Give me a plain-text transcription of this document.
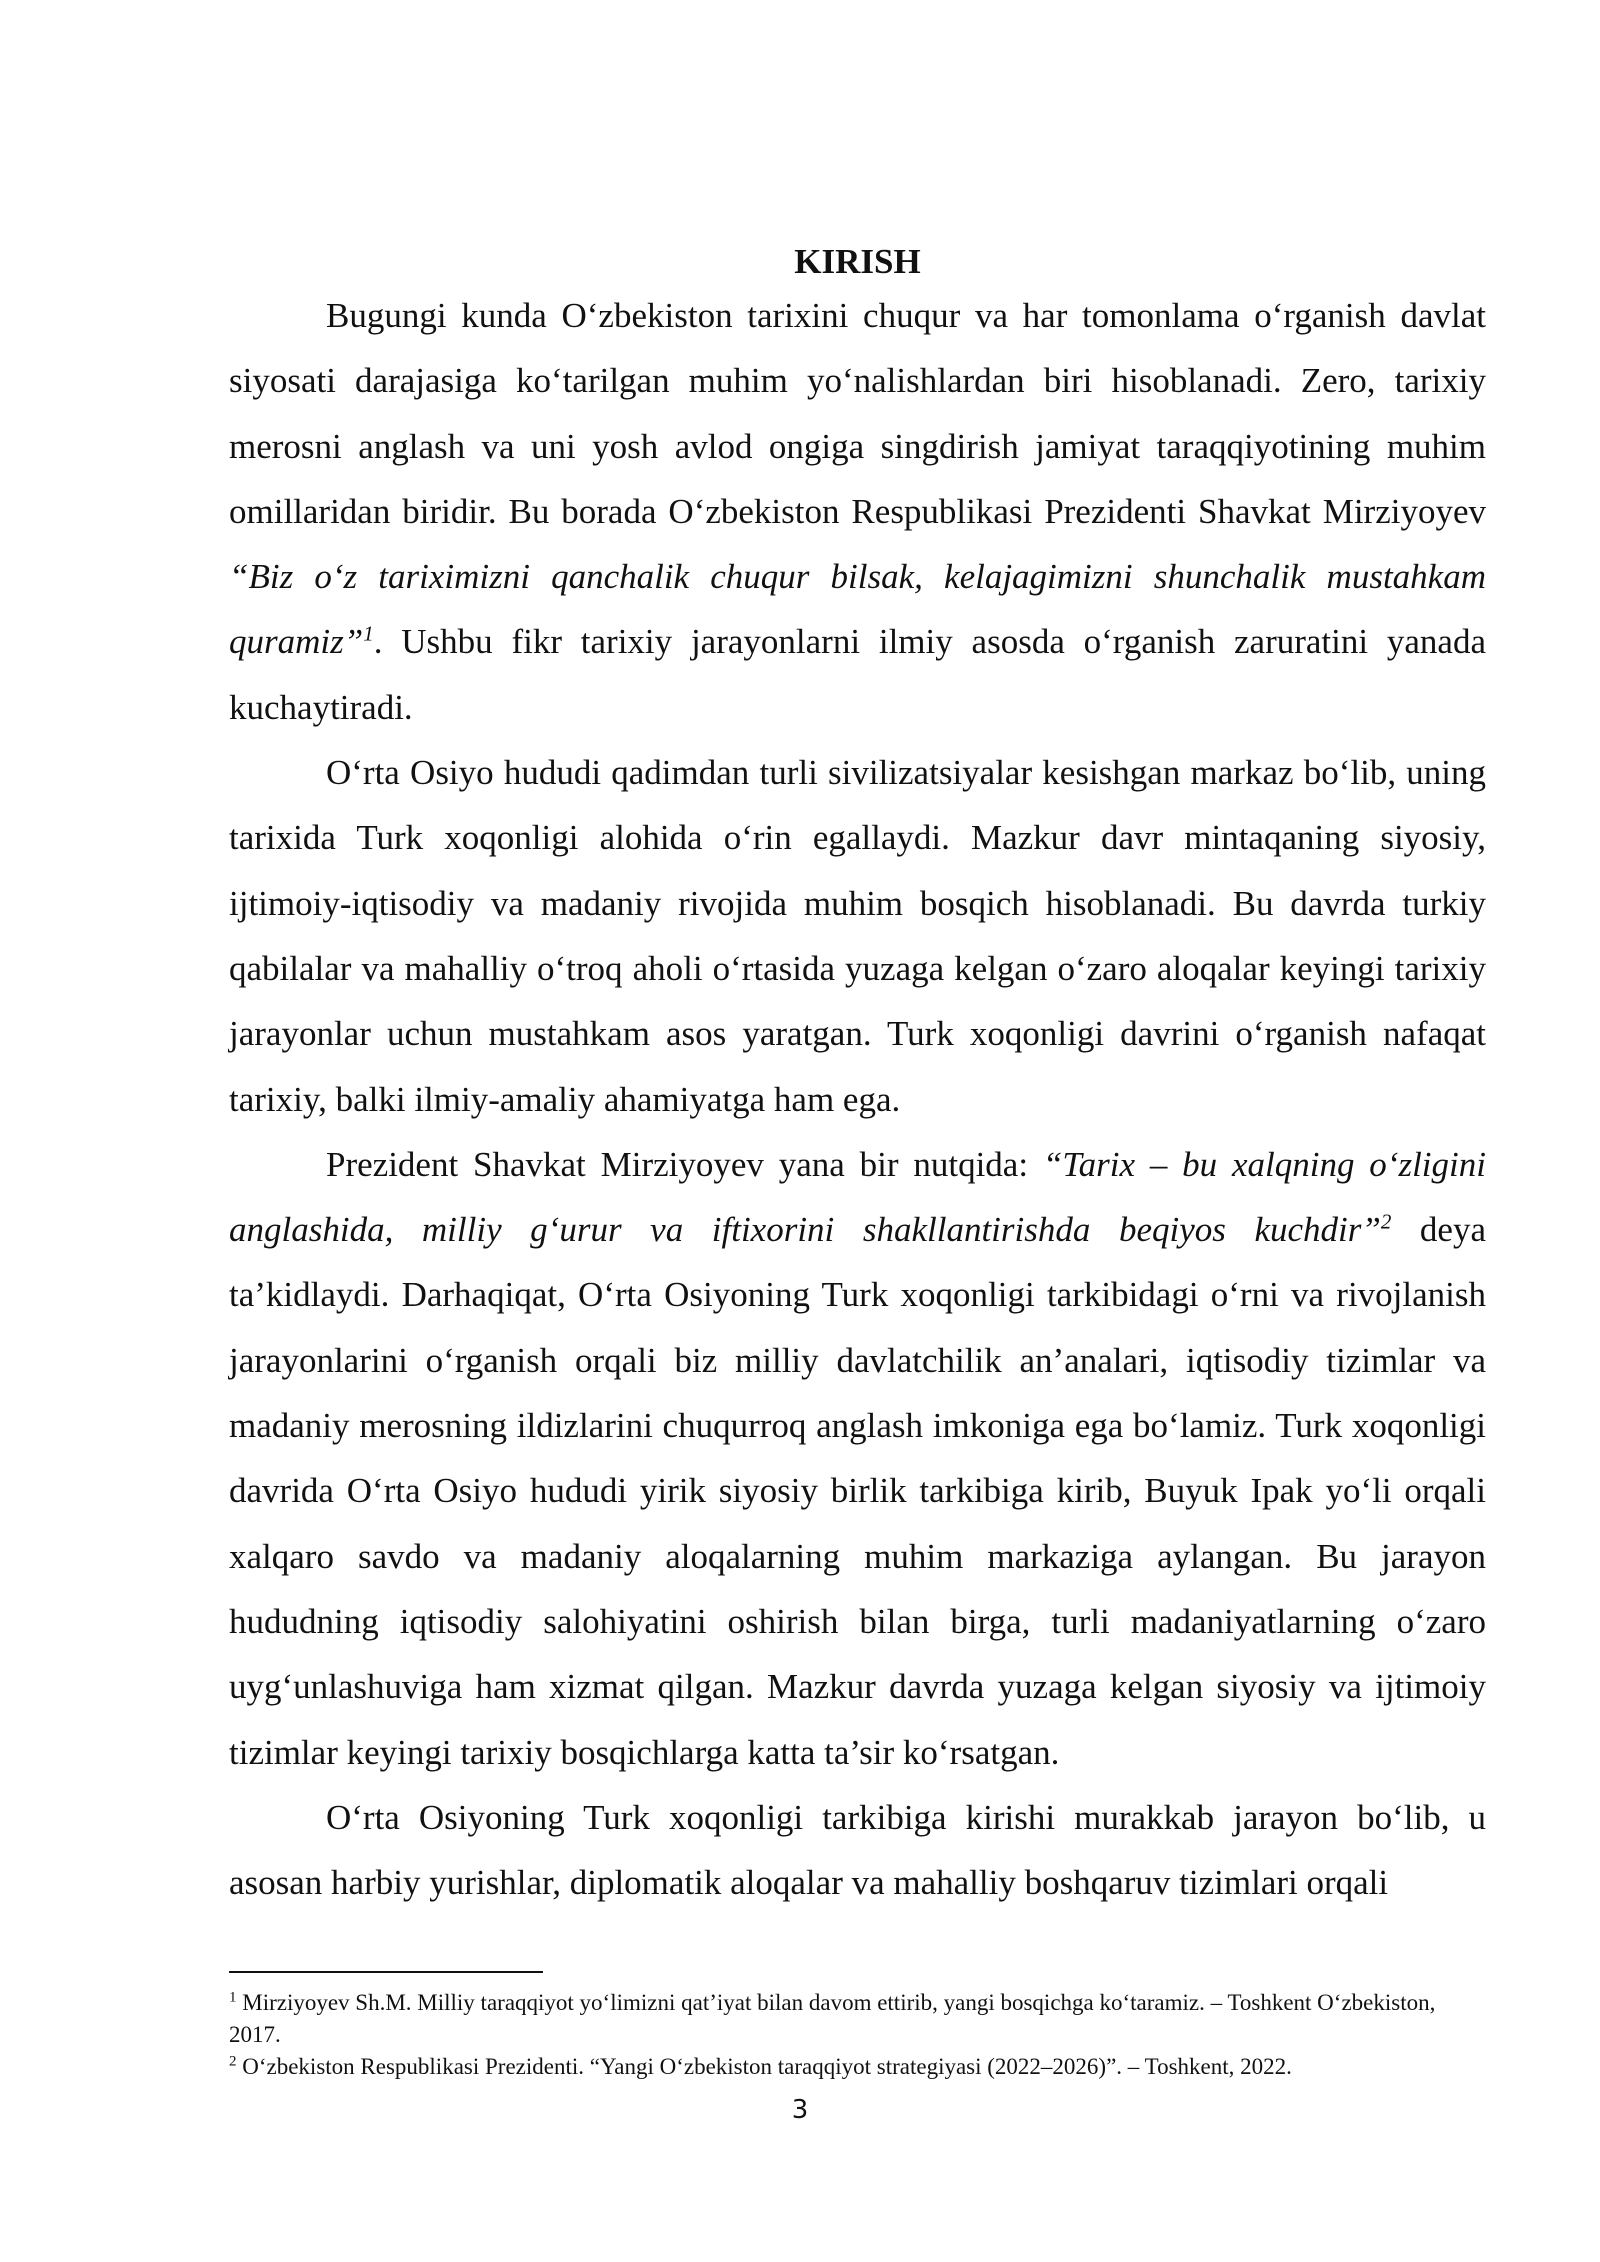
KIRISH

Bugungi kunda O‘zbekiston tarixini chuqur va har tomonlama o‘rganish davlat siyosati darajasiga ko‘tarilgan muhim yo‘nalishlardan biri hisoblanadi. Zero, tarixiy merosni anglash va uni yosh avlod ongiga singdirish jamiyat taraqqiyotining muhim omillaridan biridir. Bu borada O‘zbekiston Respublikasi Prezidenti Shavkat Mirziyoyev “Biz o‘z tariximizni qanchalik chuqur bilsak, kelajagimizni shunchalik mustahkam quramiz”$^1$. Ushbu fikr tarixiy jarayonlarni ilmiy asosda o‘rganish zaruratini yanada kuchaytiradi.

O‘rta Osiyo hududi qadimdan turli sivilizatsiyalar kesishgan markaz bo‘lib, uning tarixida Turk xoqonligi alohida o‘rin egallaydi. Mazkur davr mintaqaning siyosiy, ijtimoiy-iqtisodiy va madaniy rivojida muhim bosqich hisoblanadi. Bu davrda turkiy qabilalar va mahalliy o‘troq aholi o‘rtasida yuzaga kelgan o‘zaro aloqalar keyingi tarixiy jarayonlar uchun mustahkam asos yaratgan. Turk xoqonligi davrini o‘rganish nafaqat tarixiy, balki ilmiy-amaliy ahamiyatga ham ega.

Prezident Shavkat Mirziyoyev yana bir nutqida: “Tarix – bu xalqning o‘zligini anglashida, milliy g‘urur va iftixorini shakllantirishda beqiyos kuchdir”$^2$ deya ta’kidlaydi. Darhaqiqat, O‘rta Osiyoning Turk xoqonligi tarkibidagi o‘rni va rivojlanish jarayonlarini o‘rganish orqali biz milliy davlatchilik an’analari, iqtisodiy tizimlar va madaniy merosning ildizlarini chuqurroq anglash imkoniga ega bo‘lamiz. Turk xoqonligi davrida O‘rta Osiyo hududi yirik siyosiy birlik tarkibiga kirib, Buyuk Ipak yo‘li orqali xalqaro savdo va madaniy aloqalarning muhim markaziga aylangan. Bu jarayon hududning iqtisodiy salohiyatini oshirish bilan birga, turli madaniyatlarning o‘zaro uyg‘unlashuviga ham xizmat qilgan. Mazkur davrda yuzaga kelgan siyosiy va ijtimoiy tizimlar keyingi tarixiy bosqichlarga katta ta’sir ko‘rsatgan.

O‘rta Osiyoning Turk xoqonligi tarkibiga kirishi murakkab jarayon bo‘lib, u asosan harbiy yurishlar, diplomatik aloqalar va mahalliy boshqaruv tizimlari orqali

$^1$ Mirziyoyev Sh.M. Milliy taraqqiyot yo‘limizni qat’iyat bilan davom ettirib, yangi bosqichga ko‘taramiz. – Toshkent O‘zbekiston, 2017.

$^2$ O‘zbekiston Respublikasi Prezidenti. “Yangi O‘zbekiston taraqqiyot strategiyasi (2022–2026)”. – Toshkent, 2022.

3
